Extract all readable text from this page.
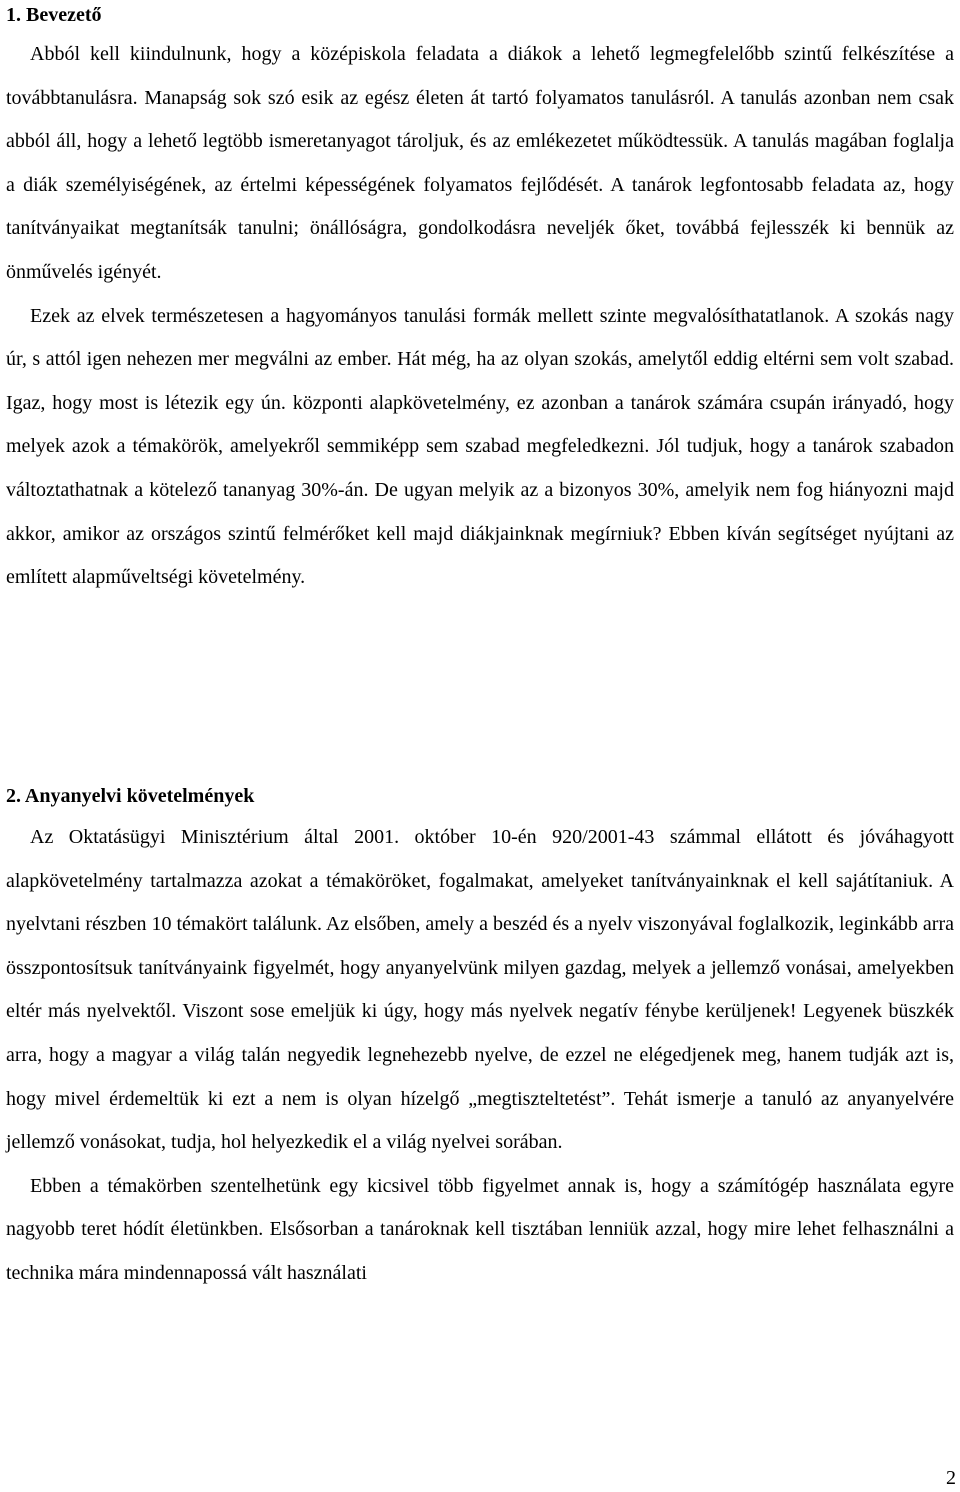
1. Bevezető

Abból kell kiindulnunk, hogy a középiskola feladata a diákok a lehető legmegfelelőbb szintű felkészítése a továbbtanulásra. Manapság sok szó esik az egész életen át tartó folyamatos tanulásról. A tanulás azonban nem csak abból áll, hogy a lehető legtöbb ismeretanyagot tároljuk, és az emlékezetet működtessük. A tanulás magában foglalja a diák személyiségének, az értelmi képességének folyamatos fejlődését. A tanárok legfontosabb feladata az, hogy tanítványaikat megtanítsák tanulni; önállóságra, gondolkodásra neveljék őket, továbbá fejlesszék ki bennük az önművelés igényét.

Ezek az elvek természetesen a hagyományos tanulási formák mellett szinte megvalósíthatatlanok. A szokás nagy úr, s attól igen nehezen mer megválni az ember. Hát még, ha az olyan szokás, amelytől eddig eltérni sem volt szabad. Igaz, hogy most is létezik egy ún. központi alapkövetelmény, ez azonban a tanárok számára csupán irányadó, hogy melyek azok a témakörök, amelyekről semmiképp sem szabad megfeledkezni. Jól tudjuk, hogy a tanárok szabadon változtathatnak a kötelező tananyag 30%-án. De ugyan melyik az a bizonyos 30%, amelyik nem fog hiányozni majd akkor, amikor az országos szintű felmérőket kell majd diákjainknak megírniuk? Ebben kíván segítséget nyújtani az említett alapműveltségi követelmény.

2. Anyanyelvi követelmények

Az Oktatásügyi Minisztérium által 2001. október 10-én 920/2001-43 számmal ellátott és jóváhagyott alapkövetelmény tartalmazza azokat a témaköröket, fogalmakat, amelyeket tanítványainknak el kell sajátítaniuk. A nyelvtani részben 10 témakört találunk. Az elsőben, amely a beszéd és a nyelv viszonyával foglalkozik, leginkább arra összpontosítsuk tanítványaink figyelmét, hogy anyanyelvünk milyen gazdag, melyek a jellemző vonásai, amelyekben eltér más nyelvektől. Viszont sose emeljük ki úgy, hogy más nyelvek negatív fénybe kerüljenek! Legyenek büszkék arra, hogy a magyar a világ talán negyedik legnehezebb nyelve, de ezzel ne elégedjenek meg, hanem tudják azt is, hogy mivel érdemeltük ki ezt a nem is olyan hízelgő „megtiszteltetést”. Tehát ismerje a tanuló az anyanyelvére jellemző vonásokat, tudja, hol helyezkedik el a világ nyelvei sorában.

Ebben a témakörben szentelhetünk egy kicsivel több figyelmet annak is, hogy a számítógép használata egyre nagyobb teret hódít életünkben. Elsősorban a tanároknak kell tisztában lenniük azzal, hogy mire lehet felhasználni a technika mára mindennapossá vált használati

2
